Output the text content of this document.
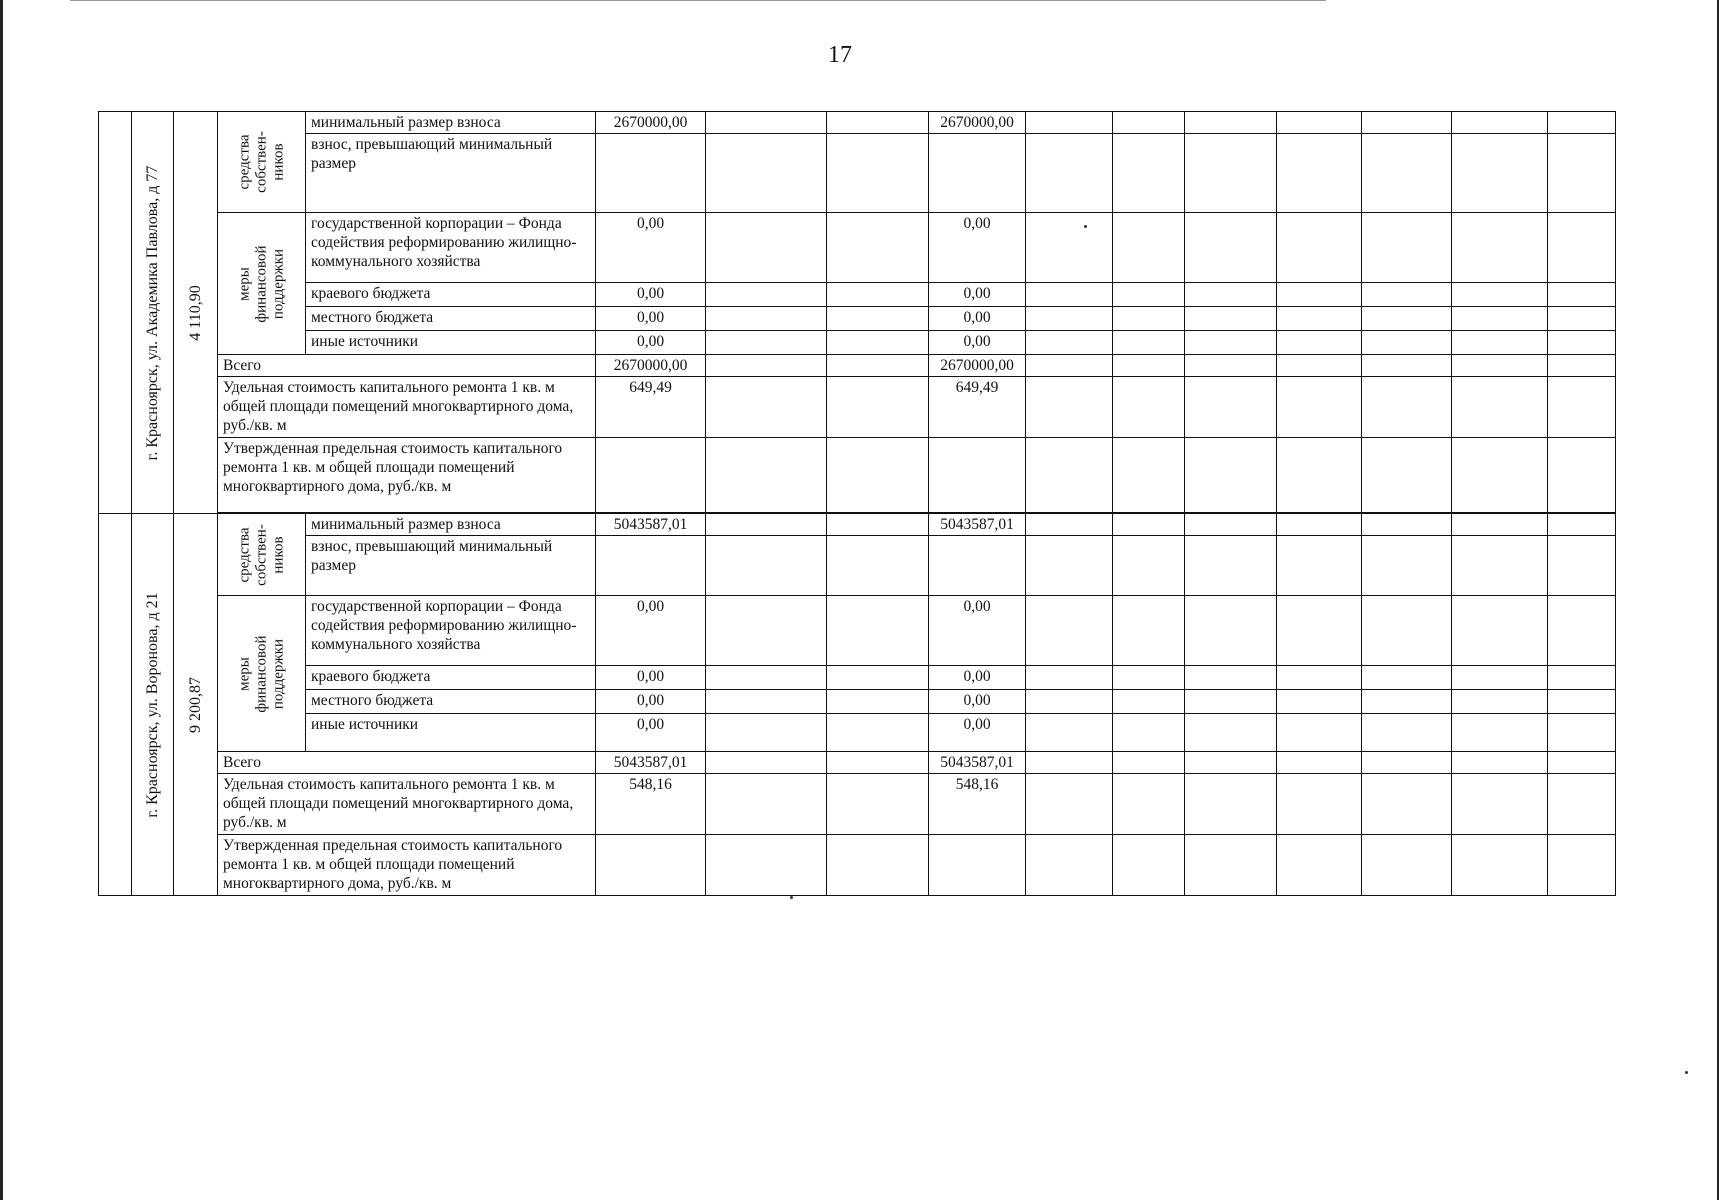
17

	г. Красноярск, ул. Академика Павлова, д 77	4 110,90	средства собствен-ников	минимальный размер взноса	2670000,00			2670000,00							
				взнос, превышающий минимальный размер											

			меры финансовой поддержки	государственной корпорации – Фонда содействия реформированию жилищно-коммунального хозяйства	0,00			0,00							
				краевого бюджета	0,00			0,00							
				местного бюджета	0,00			0,00							
				иные источники	0,00			0,00							
			Всего		2670000,00			2670000,00							
			Удельная стоимость капитального ремонта 1 кв. м общей площади помещений многоквартирного дома, руб./кв. м		649,49			649,49							
			Утвержденная предельная стоимость капитального ремонта 1 кв. м общей площади помещений многоквартирного дома, руб./кв. м												

	г. Красноярск, ул. Воронова, д 21	9 200,87	средства собствен-ников	минимальный размер взноса	5043587,01			5043587,01							
				взнос, превышающий минимальный размер											

			меры финансовой поддержки	государственной корпорации – Фонда содействия реформированию жилищно-коммунального хозяйства	0,00			0,00							
				краевого бюджета	0,00			0,00							
				местного бюджета	0,00			0,00							
				иные источники	0,00			0,00							
			Всего		5043587,01			5043587,01							
			Удельная стоимость капитального ремонта 1 кв. м общей площади помещений многоквартирного дома, руб./кв. м		548,16			548,16							
			Утвержденная предельная стоимость капитального ремонта 1 кв. м общей площади помещений многоквартирного дома, руб./кв. м												
